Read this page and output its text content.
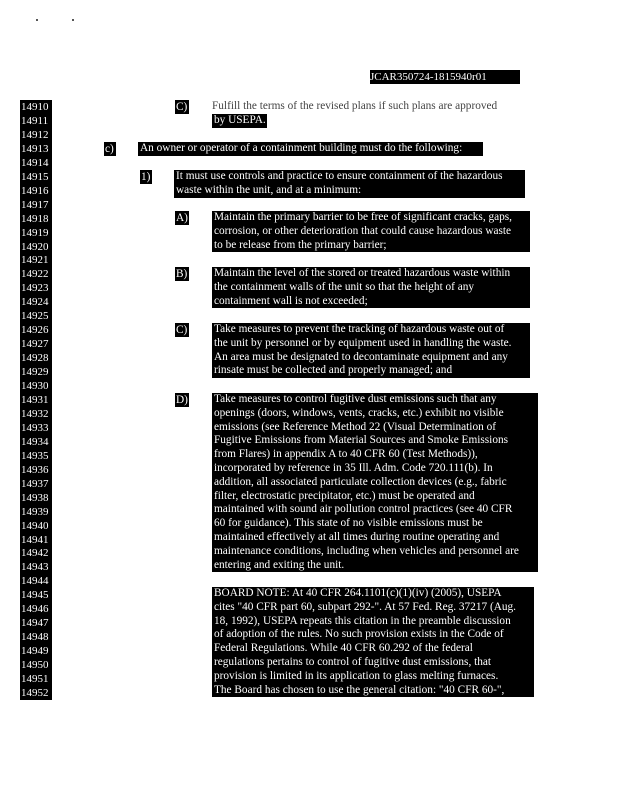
JCAR350724-1815940r01
14910
14911
14912
14913
14914
14915
14916
14917
14918
14919
14920
14921
14922
14923
14924
14925
14926
14927
14928
14929
14930
14931
14932
14933
14934
14935
14936
14937
14938
14939
14940
14941
14942
14943
14944
14945
14946
14947
14948
14949
14950
14951
14952
C) Fulfill the terms of the revised plans if such plans are approved
by USEPA.
c) An owner or operator of a containment building must do the following:
1) It must use controls and practice to ensure containment of the hazardous
waste within the unit, and at a minimum:
A) Maintain the primary barrier to be free of significant cracks, gaps,
corrosion, or other deterioration that could cause hazardous waste
to be release from the primary barrier;
B) Maintain the level of the stored or treated hazardous waste within
the containment walls of the unit so that the height of any
containment wall is not exceeded;
C) Take measures to prevent the tracking of hazardous waste out of
the unit by personnel or by equipment used in handling the waste.
An area must be designated to decontaminate equipment and any
rinsate must be collected and properly managed; and
D) Take measures to control fugitive dust emissions such that any
openings (doors, windows, vents, cracks, etc.) exhibit no visible
emissions (see Reference Method 22 (Visual Determination of
Fugitive Emissions from Material Sources and Smoke Emissions
from Flares) in appendix A to 40 CFR 60 (Test Methods)),
incorporated by reference in 35 Ill. Adm. Code 720.111(b). In
addition, all associated particulate collection devices (e.g., fabric
filter, electrostatic precipitator, etc.) must be operated and
maintained with sound air pollution control practices (see 40 CFR
60 for guidance). This state of no visible emissions must be
maintained effectively at all times during routine operating and
maintenance conditions, including when vehicles and personnel are
entering and exiting the unit.
BOARD NOTE: At 40 CFR 264.1101(c)(1)(iv) (2005), USEPA
cites "40 CFR part 60, subpart 292-". At 57 Fed. Reg. 37217 (Aug.
18, 1992), USEPA repeats this citation in the preamble discussion
of adoption of the rules. No such provision exists in the Code of
Federal Regulations. While 40 CFR 60.292 of the federal
regulations pertains to control of fugitive dust emissions, that
provision is limited in its application to glass melting furnaces.
The Board has chosen to use the general citation: "40 CFR 60-",
